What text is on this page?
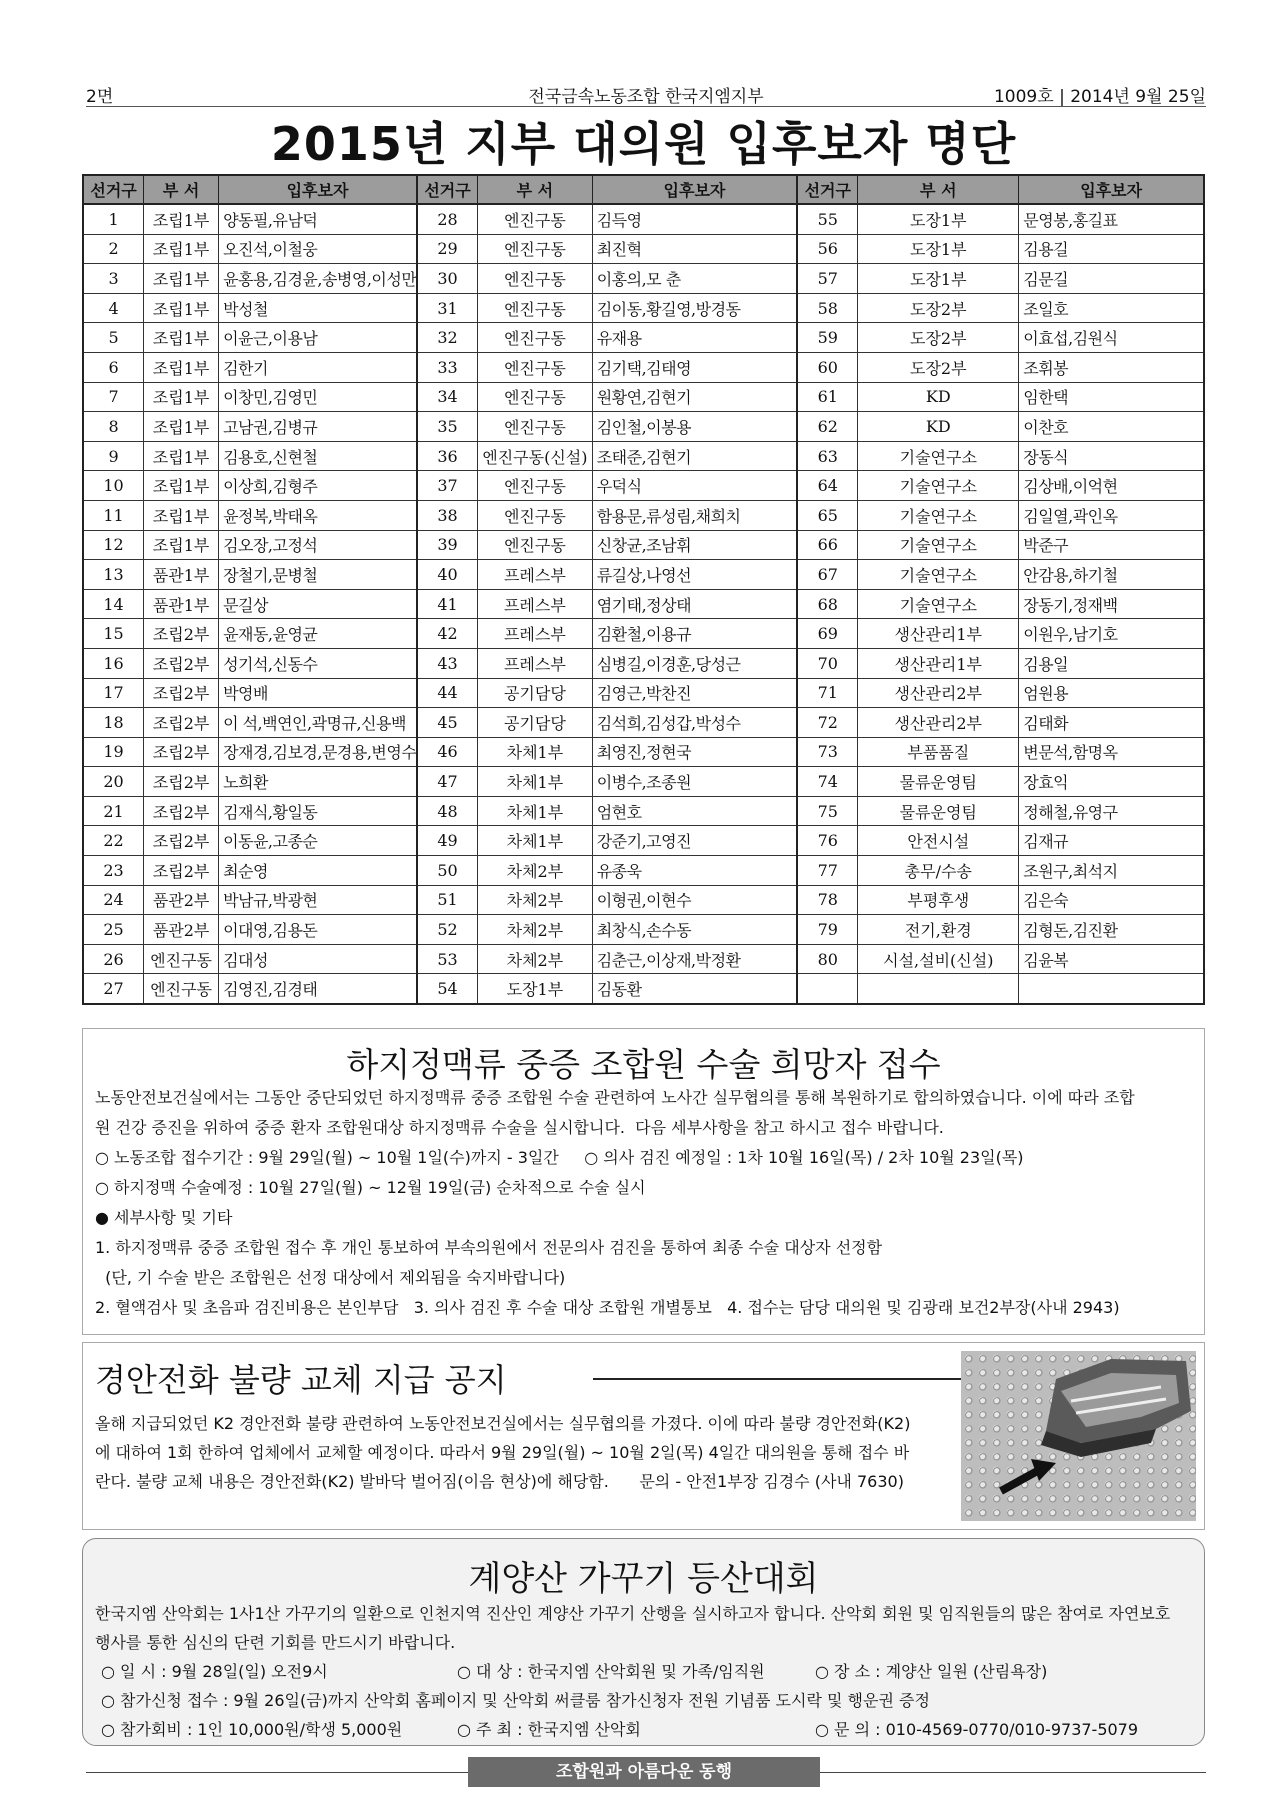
2면	전국금속노동조합 한국지엠지부	1009호 | 2014년 9월 25일
2015년 지부 대의원 입후보자 명단
선거구	부 서	입후보자	선거구	부 서	입후보자	선거구	부 서	입후보자
1	조립1부	양동필,유남덕	28	엔진구동	김득영	55	도장1부	문영봉,홍길표
2	조립1부	오진석,이철웅	29	엔진구동	최진혁	56	도장1부	김용길
3	조립1부	윤홍용,김경윤,송병영,이성만	30	엔진구동	이홍의,모 춘	57	도장1부	김문길
4	조립1부	박성철	31	엔진구동	김이동,황길영,방경동	58	도장2부	조일호
5	조립1부	이윤근,이용남	32	엔진구동	유재용	59	도장2부	이효섭,김원식
6	조립1부	김한기	33	엔진구동	김기택,김태영	60	도장2부	조휘봉
7	조립1부	이창민,김영민	34	엔진구동	원황연,김현기	61	KD	임한택
8	조립1부	고남권,김병규	35	엔진구동	김인철,이봉용	62	KD	이찬호
9	조립1부	김용호,신현철	36	엔진구동(신설)	조태준,김현기	63	기술연구소	장동식
10	조립1부	이상희,김형주	37	엔진구동	우덕식	64	기술연구소	김상배,이억현
11	조립1부	윤정복,박태옥	38	엔진구동	함용문,류성림,채희치	65	기술연구소	김일열,곽인옥
12	조립1부	김오장,고정석	39	엔진구동	신창균,조남휘	66	기술연구소	박준구
13	품관1부	장철기,문병철	40	프레스부	류길상,나영선	67	기술연구소	안감용,하기철
14	품관1부	문길상	41	프레스부	염기태,정상태	68	기술연구소	장동기,정재백
15	조립2부	윤재동,윤영균	42	프레스부	김환철,이용규	69	생산관리1부	이원우,남기호
16	조립2부	성기석,신동수	43	프레스부	심병길,이경훈,당성근	70	생산관리1부	김용일
17	조립2부	박영배	44	공기담당	김영근,박찬진	71	생산관리2부	엄원용
18	조립2부	이 석,백연인,곽명규,신용백	45	공기담당	김석희,김성갑,박성수	72	생산관리2부	김태화
19	조립2부	장재경,김보경,문경용,변영수	46	차체1부	최영진,정현국	73	부품품질	변문석,함명옥
20	조립2부	노희환	47	차체1부	이병수,조종원	74	물류운영팀	장효익
21	조립2부	김재식,황일동	48	차체1부	엄현호	75	물류운영팀	정해철,유영구
22	조립2부	이동윤,고종순	49	차체1부	강준기,고영진	76	안전시설	김재규
23	조립2부	최순영	50	차체2부	유종욱	77	총무/수송	조원구,최석지
24	품관2부	박남규,박광현	51	차체2부	이형권,이현수	78	부평후생	김은숙
25	품관2부	이대영,김용돈	52	차체2부	최창식,손수동	79	전기,환경	김형돈,김진환
26	엔진구동	김대성	53	차체2부	김춘근,이상재,박정환	80	시설,설비(신설)	김윤복
27	엔진구동	김영진,김경태	54	도장1부	김동환			
하지정맥류 중증 조합원 수술 희망자 접수
노동안전보건실에서는 그동안 중단되었던 하지정맥류 중증 조합원 수술 관련하여 노사간 실무협의를 통해 복원하기로 합의하였습니다. 이에 따라 조합
원 건강 증진을 위하여 중증 환자 조합원대상 하지정맥류 수술을 실시합니다.  다음 세부사항을 참고 하시고 접수 바랍니다.
○ 노동조합 접수기간 : 9월 29일(월) ~ 10월 1일(수)까지 - 3일간     ○ 의사 검진 예정일 : 1차 10월 16일(목) / 2차 10월 23일(목)
○ 하지정맥 수술예정 : 10월 27일(월) ~ 12월 19일(금) 순차적으로 수술 실시
● 세부사항 및 기타
1. 하지정맥류 중증 조합원 접수 후 개인 통보하여 부속의원에서 전문의사 검진을 통하여 최종 수술 대상자 선정함
(단, 기 수술 받은 조합원은 선정 대상에서 제외됨을 숙지바랍니다)
2. 혈액검사 및 초음파 검진비용은 본인부담   3. 의사 검진 후 수술 대상 조합원 개별통보   4. 접수는 담당 대의원 및 김광래 보건2부장(사내 2943)
경안전화 불량 교체 지급 공지
올해 지급되었던 K2 경안전화 불량 관련하여 노동안전보건실에서는 실무협의를 가졌다. 이에 따라 불량 경안전화(K2)
에 대하여 1회 한하여 업체에서 교체할 예정이다. 따라서 9월 29일(월) ~ 10월 2일(목) 4일간 대의원을 통해 접수 바
란다. 불량 교체 내용은 경안전화(K2) 발바닥 벌어짐(이음 현상)에 해당함.      문의 - 안전1부장 김경수 (사내 7630)
계양산 가꾸기 등산대회
한국지엠 산악회는 1사1산 가꾸기의 일환으로 인천지역 진산인 계양산 가꾸기 산행을 실시하고자 합니다. 산악회 회원 및 임직원들의 많은 참여로 자연보호
행사를 통한 심신의 단련 기회를 만드시기 바랍니다.
○ 일 시 : 9월 28일(일) 오전9시	○ 대 상 : 한국지엠 산악회원 및 가족/임직원	○ 장 소 : 계양산 일원 (산림욕장)
○ 참가신청 접수 : 9월 26일(금)까지 산악회 홈페이지 및 산악회 써클룸 참가신청자 전원 기념품 도시락 및 행운권 증정
○ 참가회비 : 1인 10,000원/학생 5,000원	○ 주 최 : 한국지엠 산악회	○ 문 의 : 010-4569-0770/010-9737-5079
조합원과 아름다운 동행
